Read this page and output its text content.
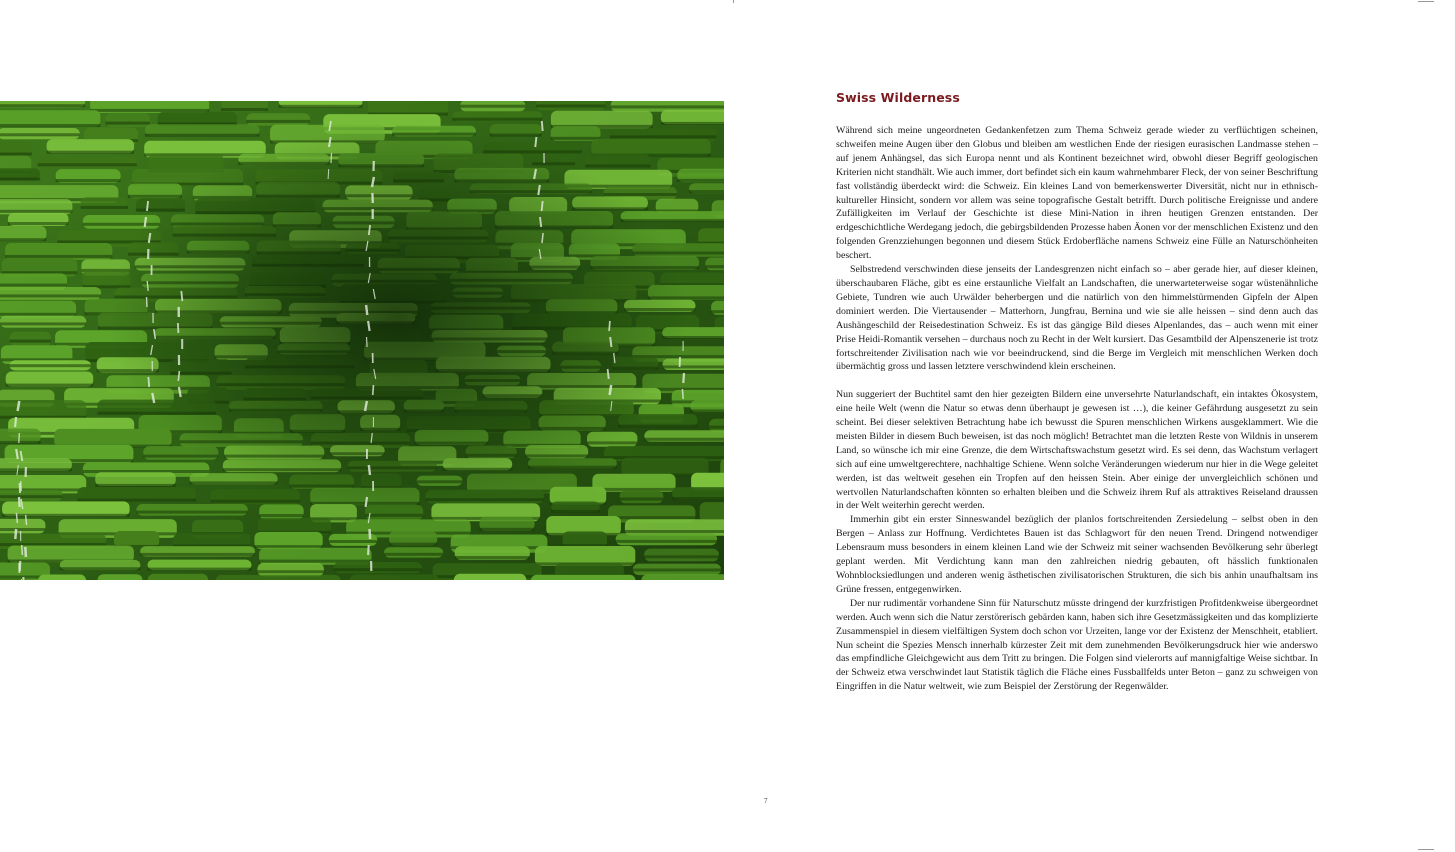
Swiss Wilderness

Während sich meine ungeordneten Gedankenfetzen zum Thema Schweiz gerade wieder zu verflüchtigen scheinen, schweifen meine Augen über den Globus und bleiben am westlichen Ende der riesigen eurasischen Landmasse stehen – auf jenem Anhängsel, das sich Europa nennt und als Kontinent bezeichnet wird, obwohl dieser Begriff geologischen Kriterien nicht standhält. Wie auch immer, dort befindet sich ein kaum wahrnehmbarer Fleck, der von seiner Beschriftung fast vollständig überdeckt wird: die Schweiz. Ein kleines Land von bemerkenswerter Diversität, nicht nur in ethnisch-kultureller Hinsicht, sondern vor allem was seine topografische Gestalt betrifft. Durch politische Ereignisse und andere Zufälligkeiten im Verlauf der Geschichte ist diese Mini-Nation in ihren heutigen Grenzen entstanden. Der erdgeschichtliche Werdegang jedoch, die gebirgsbildenden Prozesse haben Äonen vor der menschlichen Existenz und den folgenden Grenzziehungen begonnen und diesem Stück Erdoberfläche namens Schweiz eine Fülle an Naturschönheiten beschert.

Selbstredend verschwinden diese jenseits der Landesgrenzen nicht einfach so – aber gerade hier, auf dieser kleinen, überschaubaren Fläche, gibt es eine erstaunliche Vielfalt an Landschaften, die unerwarteterweise sogar wüstenähnliche Gebiete, Tundren wie auch Urwälder beherbergen und die natürlich von den himmelstürmenden Gipfeln der Alpen dominiert werden. Die Viertausender – Matterhorn, Jungfrau, Bernina und wie sie alle heissen – sind denn auch das Aushängeschild der Reisedestination Schweiz. Es ist das gängige Bild dieses Alpenlandes, das – auch wenn mit einer Prise Heidi-Romantik versehen – durchaus noch zu Recht in der Welt kursiert. Das Gesamtbild der Alpenszenerie ist trotz fortschreitender Zivilisation nach wie vor beeindruckend, sind die Berge im Vergleich mit menschlichen Werken doch übermächtig gross und lassen letztere verschwindend klein erscheinen.

Nun suggeriert der Buchtitel samt den hier gezeigten Bildern eine unversehrte Naturlandschaft, ein intaktes Ökosystem, eine heile Welt (wenn die Natur so etwas denn überhaupt je gewesen ist …), die keiner Gefährdung ausgesetzt zu sein scheint. Bei dieser selektiven Betrachtung habe ich bewusst die Spuren menschlichen Wirkens ausgeklammert. Wie die meisten Bilder in diesem Buch beweisen, ist das noch möglich! Betrachtet man die letzten Reste von Wildnis in unserem Land, so wünsche ich mir eine Grenze, die dem Wirtschaftswachstum gesetzt wird. Es sei denn, das Wachstum verlagert sich auf eine umweltgerechtere, nachhaltige Schiene. Wenn solche Veränderungen wiederum nur hier in die Wege geleitet werden, ist das weltweit gesehen ein Tropfen auf den heissen Stein. Aber einige der unvergleichlich schönen und wertvollen Naturlandschaften könnten so erhalten bleiben und die Schweiz ihrem Ruf als attraktives Reiseland draussen in der Welt weiterhin gerecht werden.

Immerhin gibt ein erster Sinneswandel bezüglich der planlos fortschreitenden Zersiedelung – selbst oben in den Bergen – Anlass zur Hoffnung. Verdichtetes Bauen ist das Schlagwort für den neuen Trend. Dringend notwendiger Lebensraum muss besonders in einem kleinen Land wie der Schweiz mit seiner wachsenden Bevölkerung sehr überlegt geplant werden. Mit Verdichtung kann man den zahlreichen niedrig gebauten, oft hässlich funktionalen Wohnblocksiedlungen und anderen wenig ästhetischen zivilisatorischen Strukturen, die sich bis anhin unaufhaltsam ins Grüne fressen, entgegenwirken.

Der nur rudimentär vorhandene Sinn für Naturschutz müsste dringend der kurzfristigen Profitdenkweise übergeordnet werden. Auch wenn sich die Natur zerstörerisch gebärden kann, haben sich ihre Gesetzmässigkeiten und das komplizierte Zusammenspiel in diesem vielfältigen System doch schon vor Urzeiten, lange vor der Existenz der Menschheit, etabliert. Nun scheint die Spezies Mensch innerhalb kürzester Zeit mit dem zunehmenden Bevölkerungsdruck hier wie anderswo das empfindliche Gleichgewicht aus dem Tritt zu bringen. Die Folgen sind vielerorts auf mannigfaltige Weise sichtbar. In der Schweiz etwa verschwindet laut Statistik täglich die Fläche eines Fussballfelds unter Beton – ganz zu schweigen von Eingriffen in die Natur weltweit, wie zum Beispiel der Zerstörung der Regenwälder.

7
